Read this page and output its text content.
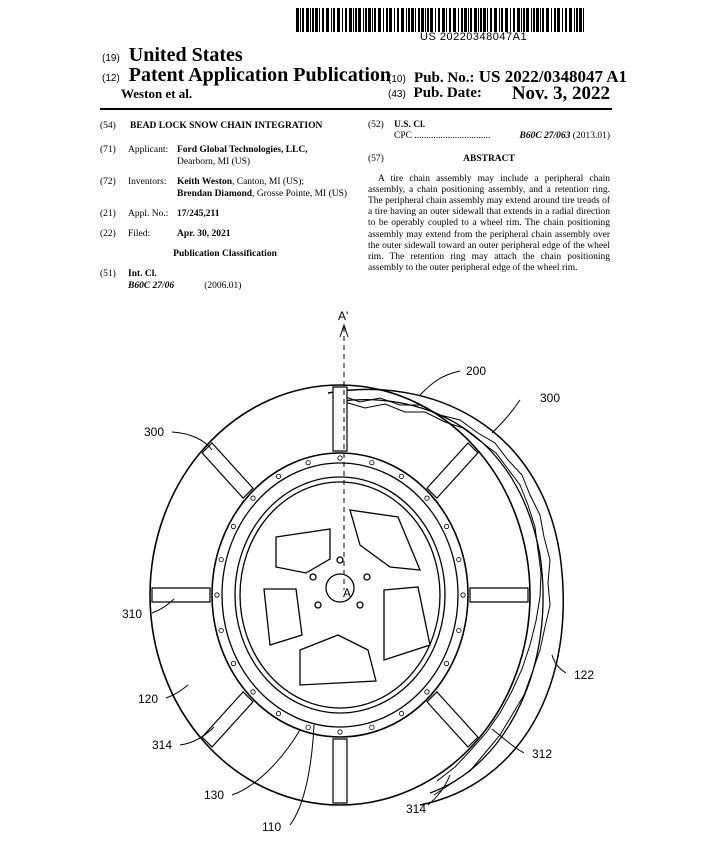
US 20220348047A1
(19) United States
(12) Patent Application Publication
Weston et al.
(10) Pub. No.: US 2022/0348047 A1
(43) Pub. Date: Nov. 3, 2022
(54) BEAD LOCK SNOW CHAIN INTEGRATION
(71) Applicant: Ford Global Technologies, LLC,
Dearborn, MI (US)
(72) Inventors: Keith Weston, Canton, MI (US);
Brendan Diamond, Grosse Pointe, MI (US)
(21) Appl. No.: 17/245,211
(22) Filed:	Apr. 30, 2021
Publication Classification
(51) Int. Cl.
B60C 27/06	(2006.01)
(52) U.S. Cl.
CPC ................................	B60C 27/063 (2013.01)
(57)	ABSTRACT
A tire chain assembly may include a peripheral chain assembly, a chain positioning assembly, and a retention ring. The peripheral chain assembly may extend around tire treads of a tire having an outer sidewall that extends in a radial direction to be operably coupled to a wheel rim. The chain positioning assembly may extend from the peripheral chain assembly over the outer sidewall toward an outer peripheral edge of the wheel rim. The retention ring may attach the chain positioning assembly to the outer peripheral edge of the wheel rim.
A'
A
200
300
300
310
120
122
312
314
314
130
110
